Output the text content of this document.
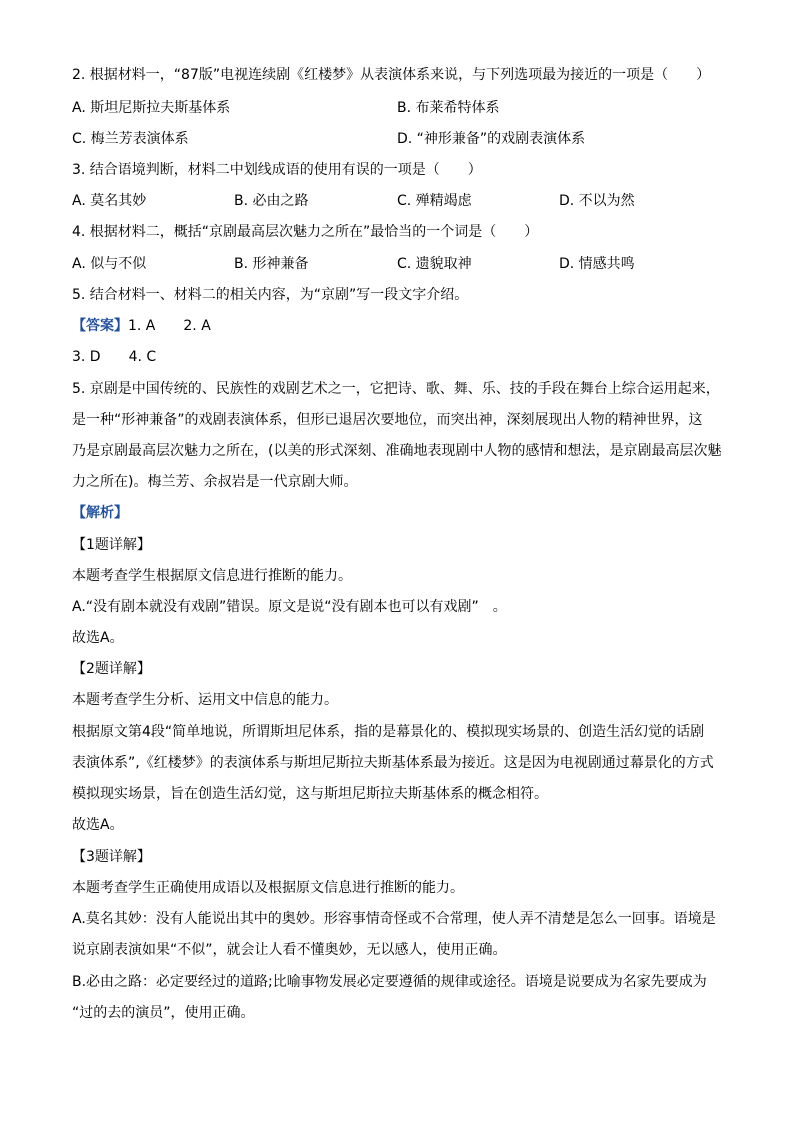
2. 根据材料一，“87版”电视连续剧《红楼梦》从表演体系来说，与下列选项最为接近的一项是（　　）
A. 斯坦尼斯拉夫斯基体系	B. 布莱希特体系
C. 梅兰芳表演体系	D. “神形兼备”的戏剧表演体系
3. 结合语境判断，材料二中划线成语的使用有误的一项是（　　）
A. 莫名其妙	B. 必由之路	C. 殚精竭虑	D. 不以为然
4. 根据材料二，概括“京剧最高层次魅力之所在”最恰当的一个词是（　　）
A. 似与不似	B. 形神兼备	C. 遗貌取神	D. 情感共鸣
5. 结合材料一、材料二的相关内容，为“京剧”写一段文字介绍。
【答案】1. A　　2. A
3. D　　4. C
5. 京剧是中国传统的、民族性的戏剧艺术之一，它把诗、歌、舞、乐、技的手段在舞台上综合运用起来，
是一种“形神兼备”的戏剧表演体系，但形已退居次要地位，而突出神，深刻展现出人物的精神世界，这
乃是京剧最高层次魅力之所在，(以美的形式深刻、准确地表现剧中人物的感情和想法，是京剧最高层次魅
力之所在)。梅兰芳、余叔岩是一代京剧大师。
【解析】
【1题详解】
本题考查学生根据原文信息进行推断的能力。
A.“没有剧本就没有戏剧”错误。原文是说“没有剧本也可以有戏剧”　。
故选A。
【2题详解】
本题考查学生分析、运用文中信息的能力。
根据原文第4段“简单地说，所谓斯坦尼体系，指的是幕景化的、模拟现实场景的、创造生活幻觉的话剧
表演体系”,《红楼梦》的表演体系与斯坦尼斯拉夫斯基体系最为接近。这是因为电视剧通过幕景化的方式
模拟现实场景，旨在创造生活幻觉，这与斯坦尼斯拉夫斯基体系的概念相符。
故选A。
【3题详解】
本题考查学生正确使用成语以及根据原文信息进行推断的能力。
A.莫名其妙：没有人能说出其中的奥妙。形容事情奇怪或不合常理，使人弄不清楚是怎么一回事。语境是
说京剧表演如果“不似”，就会让人看不懂奥妙，无以感人，使用正确。
B.必由之路：必定要经过的道路;比喻事物发展必定要遵循的规律或途径。语境是说要成为名家先要成为
“过的去的演员”，使用正确。
